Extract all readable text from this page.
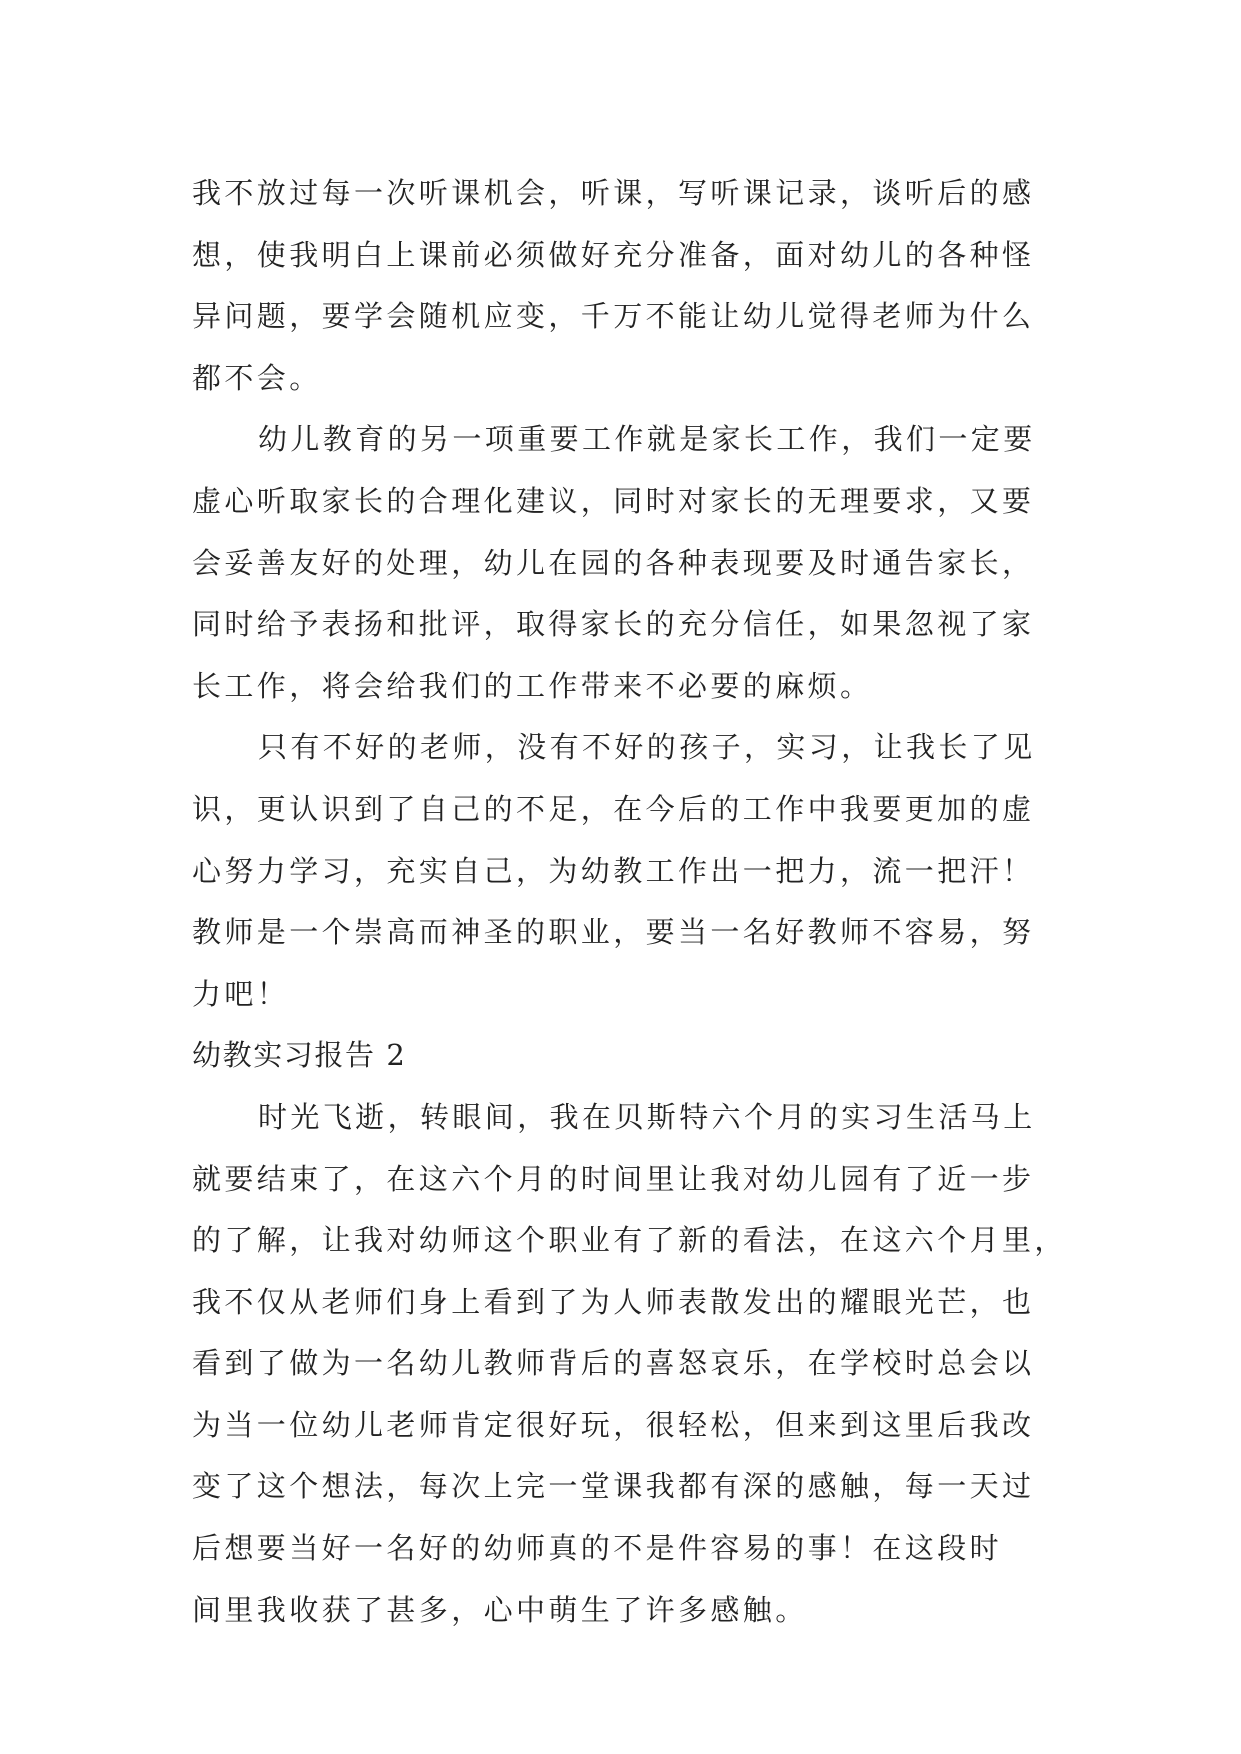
我不放过每一次听课机会，听课，写听课记录，谈听后的感
想，使我明白上课前必须做好充分准备，面对幼儿的各种怪
异问题，要学会随机应变，千万不能让幼儿觉得老师为什么
都不会。
幼儿教育的另一项重要工作就是家长工作，我们一定要
虚心听取家长的合理化建议，同时对家长的无理要求，又要
会妥善友好的处理，幼儿在园的各种表现要及时通告家长，
同时给予表扬和批评，取得家长的充分信任，如果忽视了家
长工作，将会给我们的工作带来不必要的麻烦。
只有不好的老师，没有不好的孩子，实习，让我长了见
识，更认识到了自己的不足，在今后的工作中我要更加的虚
心努力学习，充实自己，为幼教工作出一把力，流一把汗！
教师是一个崇高而神圣的职业，要当一名好教师不容易，努
力吧！
幼教实习报告 2
时光飞逝，转眼间，我在贝斯特六个月的实习生活马上
就要结束了，在这六个月的时间里让我对幼儿园有了近一步
的了解，让我对幼师这个职业有了新的看法，在这六个月里，
我不仅从老师们身上看到了为人师表散发出的耀眼光芒，也
看到了做为一名幼儿教师背后的喜怒哀乐，在学校时总会以
为当一位幼儿老师肯定很好玩，很轻松，但来到这里后我改
变了这个想法，每次上完一堂课我都有深的感触，每一天过
后想要当好一名好的幼师真的不是件容易的事！在这段时
间里我收获了甚多，心中萌生了许多感触。
